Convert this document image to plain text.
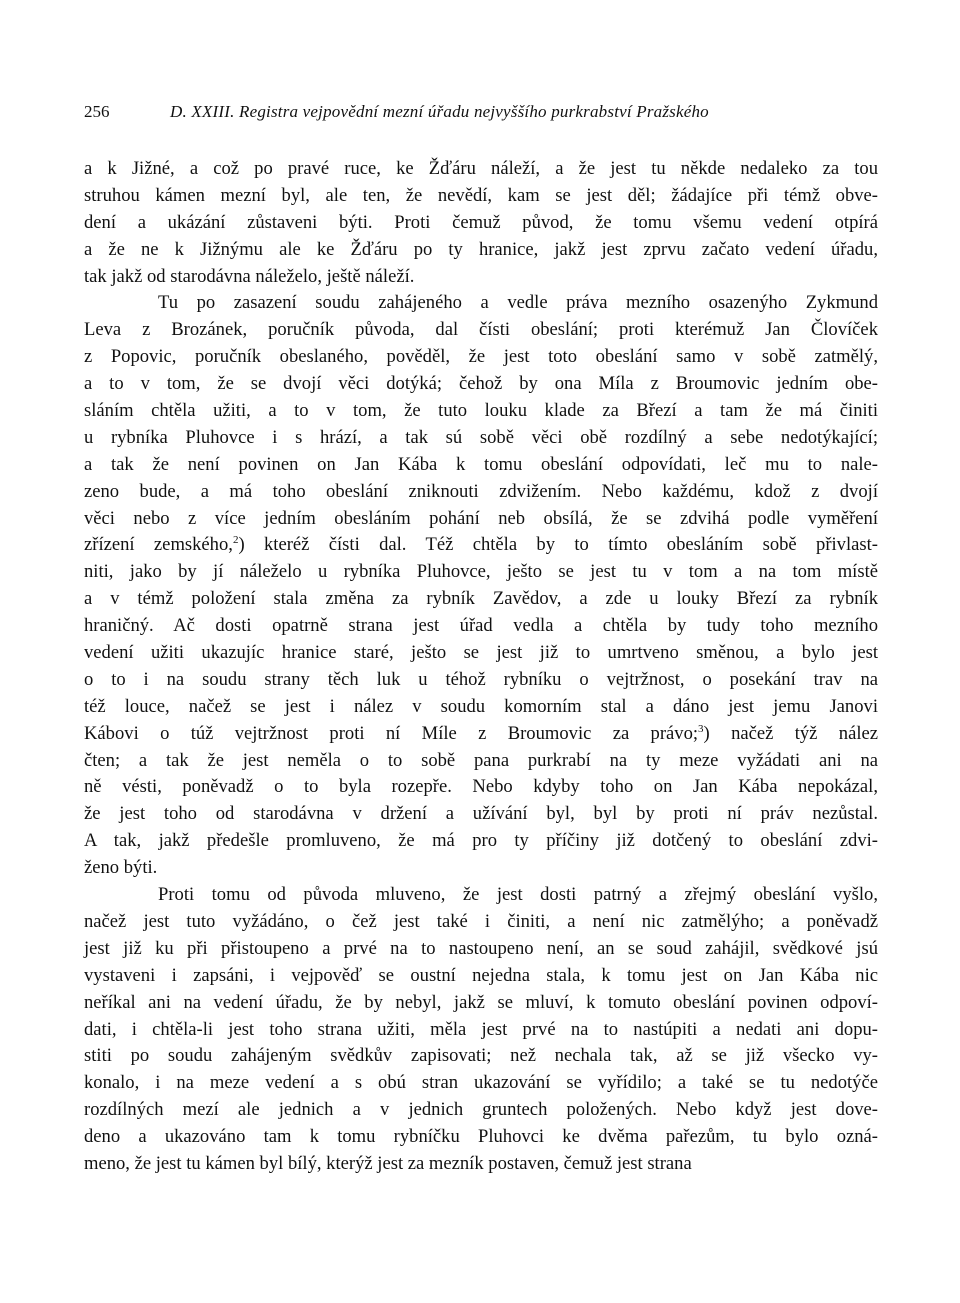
256	D. XXIII. Registra vejpovědní mezní úřadu nejvyššího purkrabství Pražského
a k Jižné, a což po pravé ruce, ke Žďáru náleží, a že jest tu někde nedaleko za tou
struhou kámen mezní byl, ale ten, že nevědí, kam se jest děl; žádajíce při témž obve-
dení a ukázání zůstaveni býti. Proti čemuž původ, že tomu všemu vedení otpírá
a že ne k Jižnýmu ale ke Žďáru po ty hranice, jakž jest zprvu začato vedení úřadu,
tak jakž od starodávna náleželo, ještě náleží.
Tu po zasazení soudu zahájeného a vedle práva mezního osazenýho Zykmund
Leva z Brozánek, poručník původa, dal čísti obeslání; proti kterémuž Jan Človíček
z Popovic, poručník obeslaného, pověděl, že jest toto obeslání samo v sobě zatmělý,
a to v tom, že se dvojí věci dotýká; čehož by ona Míla z Broumovic jedním obe-
sláním chtěla užiti, a to v tom, že tuto louku klade za Březí a tam že má činiti
u rybníka Pluhovce i s hrází, a tak sú sobě věci obě rozdílný a sebe nedotýkající;
a tak že není povinen on Jan Kába k tomu obeslání odpovídati, leč mu to nale-
zeno bude, a má toho obeslání zniknouti zdvižením. Nebo každému, kdož z dvojí
věci nebo z více jedním obesláním pohání neb obsílá, že se zdvihá podle vyměření
zřízení zemského,$^2$) kteréž čísti dal. Též chtěla by to tímto obesláním sobě přivlast-
niti, jako by jí náleželo u rybníka Pluhovce, ješto se jest tu v tom a na tom místě
a v témž položení stala změna za rybník Zavědov, a zde u louky Březí za rybník
hraničný. Ač dosti opatrně strana jest úřad vedla a chtěla by tudy toho mezního
vedení užiti ukazujíc hranice staré, ješto se jest již to umrtveno směnou, a bylo jest
o to i na soudu strany těch luk u téhož rybníku o vejtržnost, o posekání trav na
též louce, načež se jest i nález v soudu komorním stal a dáno jest jemu Janovi
Kábovi o túž vejtržnost proti ní Míle z Broumovic za právo;$^3$) načež týž nález
čten; a tak že jest neměla o to sobě pana purkrabí na ty meze vyžádati ani na
ně vésti, poněvadž o to byla rozepře. Nebo kdyby toho on Jan Kába nepokázal,
že jest toho od starodávna v držení a užívání byl, byl by proti ní práv nezůstal.
A tak, jakž předešle promluveno, že má pro ty příčiny již dotčený to obeslání zdvi-
ženo býti.
Proti tomu od původa mluveno, že jest dosti patrný a zřejmý obeslání vyšlo,
načež jest tuto vyžádáno, o čež jest také i činiti, a není nic zatmělýho; a poněvadž
jest již ku při přistoupeno a prvé na to nastoupeno není, an se soud zahájil, svědkové jsú
vystaveni i zapsáni, i vejpověď se oustní nejedna stala, k tomu jest on Jan Kába nic
neříkal ani na vedení úřadu, že by nebyl, jakž se mluví, k tomuto obeslání povinen odpoví-
dati, i chtěla-li jest toho strana užiti, měla jest prvé na to nastúpiti a nedati ani dopu-
stiti po soudu zahájeným svědkův zapisovati; než nechala tak, až se již všecko vy-
konalo, i na meze vedení a s obú stran ukazování se vyřídilo; a také se tu nedotýče
rozdílných mezí ale jednich a v jednich gruntech položených. Nebo když jest dove-
deno a ukazováno tam k tomu rybníčku Pluhovci ke dvěma pařezům, tu bylo ozná-
meno, že jest tu kámen byl bílý, kterýž jest za mezník postaven, čemuž jest strana
